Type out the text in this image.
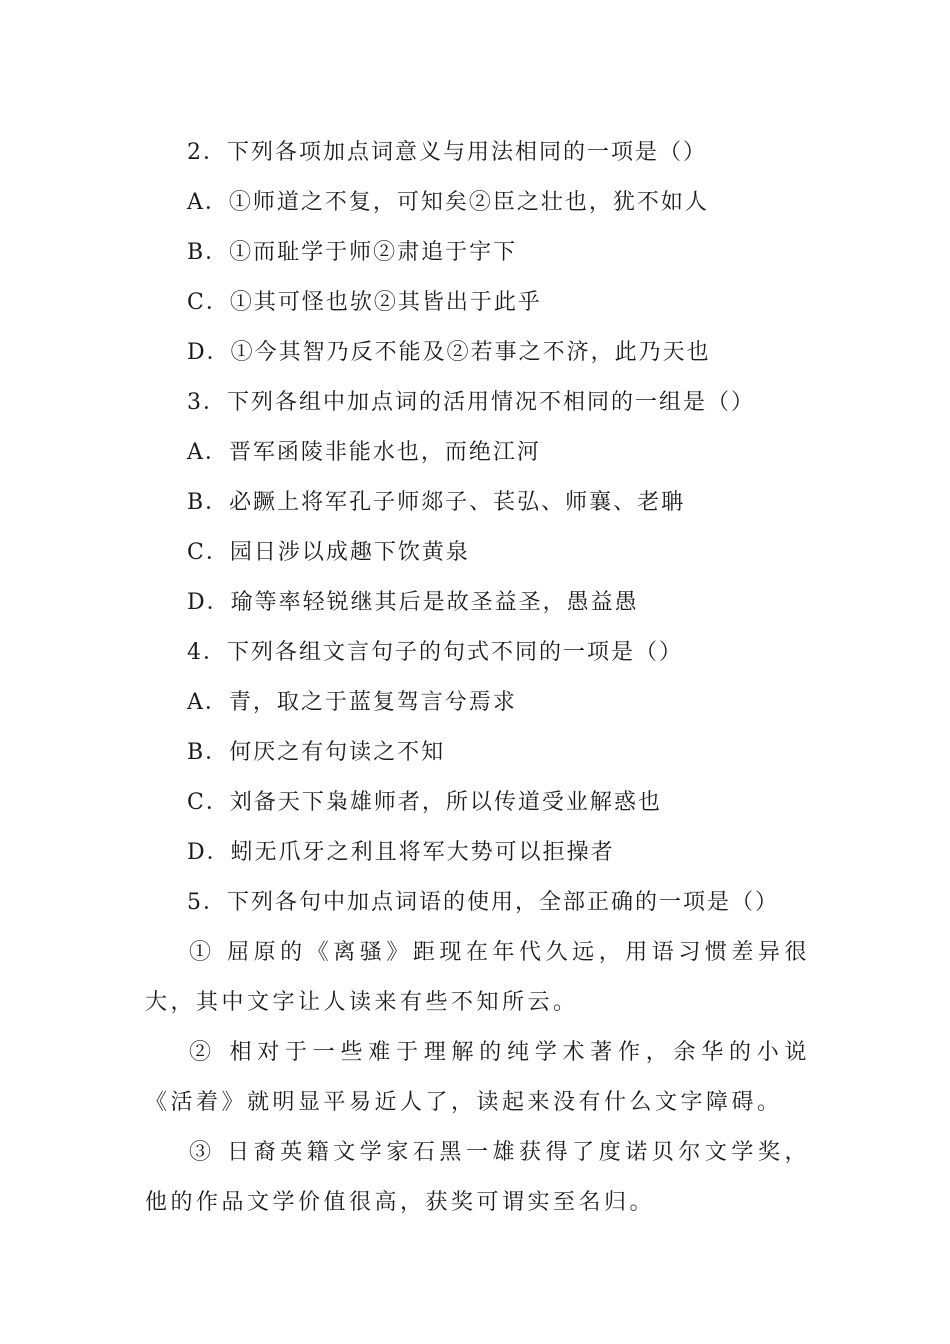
2．下列各项加点词意义与用法相同的一项是（）
A．①师道之不复，可知矣②臣之壮也，犹不如人
B．①而耻学于师②肃追于宇下
C．①其可怪也欤②其皆出于此乎
D．①今其智乃反不能及②若事之不济，此乃天也
3．下列各组中加点词的活用情况不相同的一组是（）
A．晋军函陵非能水也，而绝江河
B．必蹶上将军孔子师郯子、苌弘、师襄、老聃
C．园日涉以成趣下饮黄泉
D．瑜等率轻锐继其后是故圣益圣，愚益愚
4．下列各组文言句子的句式不同的一项是（）
A．青，取之于蓝复驾言兮焉求
B．何厌之有句读之不知
C．刘备天下枭雄师者，所以传道受业解惑也
D．蚓无爪牙之利且将军大势可以拒操者
5．下列各句中加点词语的使用，全部正确的一项是（）

① 屈原的《离骚》距现在年代久远，用语习惯差异很大，其中文字让人读来有些不知所云。

② 相对于一些难于理解的纯学术著作，余华的小说《活着》就明显平易近人了，读起来没有什么文字障碍。

③ 日裔英籍文学家石黑一雄获得了度诺贝尔文学奖，他的作品文学价值很高，获奖可谓实至名归。
